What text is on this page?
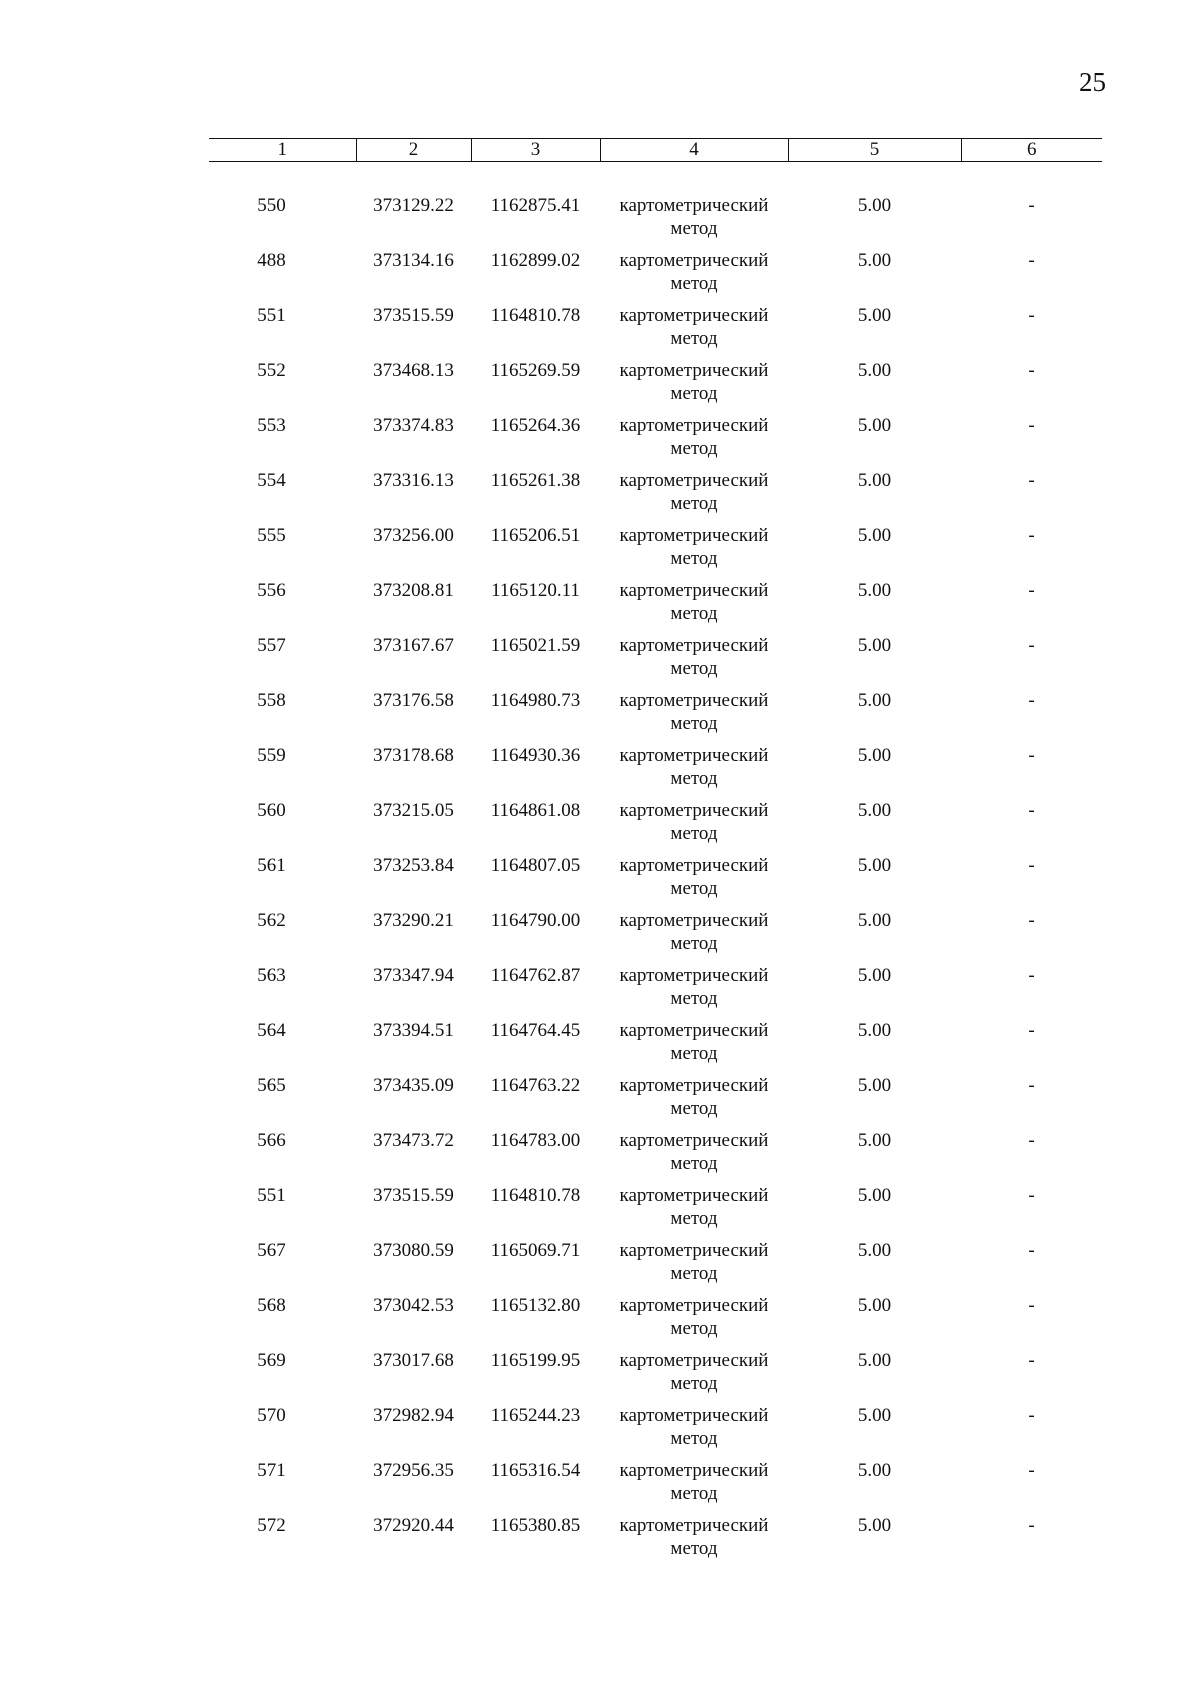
25
1	2	3	4	5	6
550	373129.22	1162875.41	картометрический метод	5.00	-
488	373134.16	1162899.02	картометрический метод	5.00	-
551	373515.59	1164810.78	картометрический метод	5.00	-
552	373468.13	1165269.59	картометрический метод	5.00	-
553	373374.83	1165264.36	картометрический метод	5.00	-
554	373316.13	1165261.38	картометрический метод	5.00	-
555	373256.00	1165206.51	картометрический метод	5.00	-
556	373208.81	1165120.11	картометрический метод	5.00	-
557	373167.67	1165021.59	картометрический метод	5.00	-
558	373176.58	1164980.73	картометрический метод	5.00	-
559	373178.68	1164930.36	картометрический метод	5.00	-
560	373215.05	1164861.08	картометрический метод	5.00	-
561	373253.84	1164807.05	картометрический метод	5.00	-
562	373290.21	1164790.00	картометрический метод	5.00	-
563	373347.94	1164762.87	картометрический метод	5.00	-
564	373394.51	1164764.45	картометрический метод	5.00	-
565	373435.09	1164763.22	картометрический метод	5.00	-
566	373473.72	1164783.00	картометрический метод	5.00	-
551	373515.59	1164810.78	картометрический метод	5.00	-
567	373080.59	1165069.71	картометрический метод	5.00	-
568	373042.53	1165132.80	картометрический метод	5.00	-
569	373017.68	1165199.95	картометрический метод	5.00	-
570	372982.94	1165244.23	картометрический метод	5.00	-
571	372956.35	1165316.54	картометрический метод	5.00	-
572	372920.44	1165380.85	картометрический метод	5.00	-
